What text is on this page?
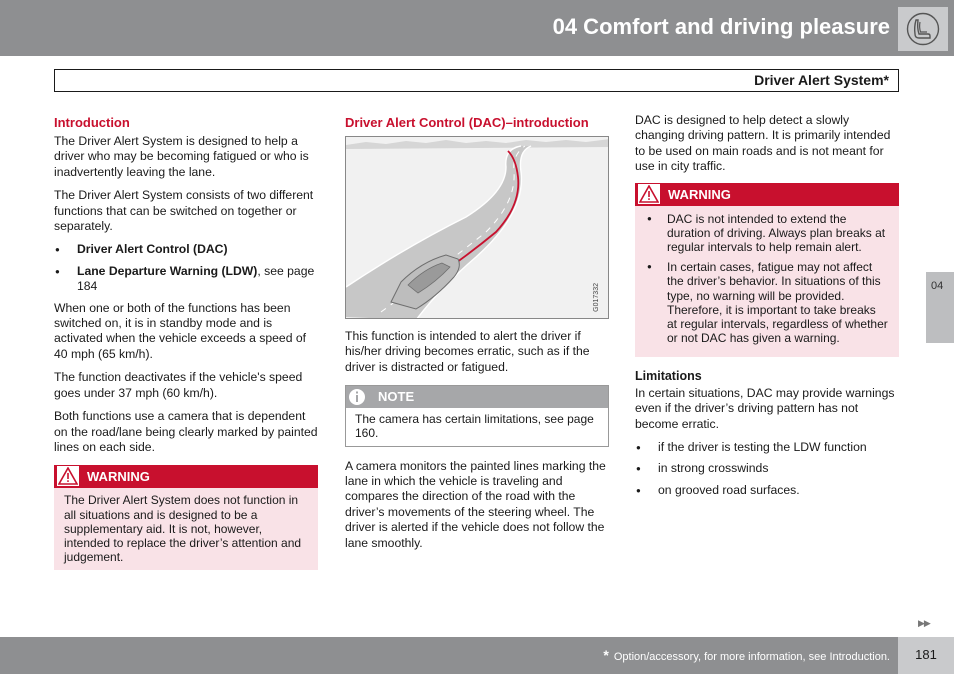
04 Comfort and driving pleasure
Driver Alert System*
04
Introduction

The Driver Alert System is designed to help a driver who may be becoming fatigued or who is inadvertently leaving the lane.

The Driver Alert System consists of two different functions that can be switched on together or separately.

● Driver Alert Control (DAC)
● Lane Departure Warning (LDW), see page 184

When one or both of the functions has been switched on, it is in standby mode and is activated when the vehicle exceeds a speed of 40 mph (65 km/h).

The function deactivates if the vehicle's speed goes under 37 mph (60 km/h).

Both functions use a camera that is dependent on the road/lane being clearly marked by painted lines on each side.

WARNING
The Driver Alert System does not function in all situations and is designed to be a supplementary aid. It is not, however, intended to replace the driver’s attention and judgement.
Driver Alert Control (DAC)–introduction
G017332

This function is intended to alert the driver if his/her driving becomes erratic, such as if the driver is distracted or fatigued.

NOTE
The camera has certain limitations, see page 160.

A camera monitors the painted lines marking the lane in which the vehicle is traveling and compares the direction of the road with the driver’s movements of the steering wheel. The driver is alerted if the vehicle does not follow the lane smoothly.

DAC is designed to help detect a slowly changing driving pattern. It is primarily intended to be used on main roads and is not meant for use in city traffic.

WARNING
● DAC is not intended to extend the duration of driving. Always plan breaks at regular intervals to help remain alert.
● In certain cases, fatigue may not affect the driver’s behavior. In situations of this type, no warning will be provided. Therefore, it is important to take breaks at regular intervals, regardless of whether or not DAC has given a warning.
Limitations

In certain situations, DAC may provide warnings even if the driver’s driving pattern has not become erratic.

● if the driver is testing the LDW function
● in strong crosswinds
● on grooved road surfaces.
▶▶
* Option/accessory, for more information, see Introduction.	181
